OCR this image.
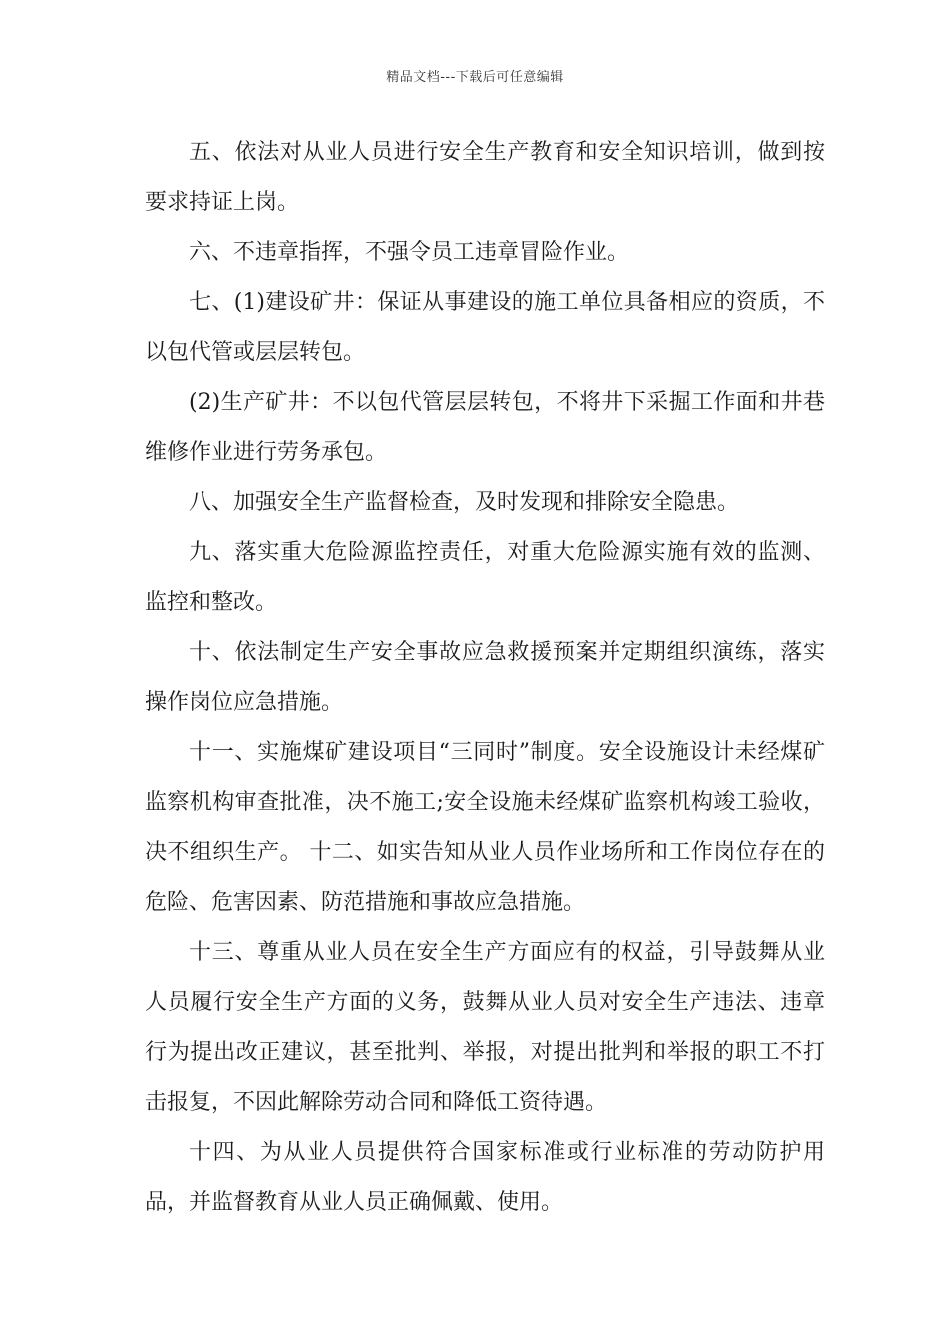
精品文档---下载后可任意编辑

五、依法对从业人员进行安全生产教育和安全知识培训，做到按要求持证上岗。

六、不违章指挥，不强令员工违章冒险作业。

七、(1)建设矿井：保证从事建设的施工单位具备相应的资质，不以包代管或层层转包。

(2)生产矿井：不以包代管层层转包，不将井下采掘工作面和井巷维修作业进行劳务承包。

八、加强安全生产监督检查，及时发现和排除安全隐患。

九、落实重大危险源监控责任，对重大危险源实施有效的监测、监控和整改。

十、依法制定生产安全事故应急救援预案并定期组织演练，落实操作岗位应急措施。

十一、实施煤矿建设项目“三同时”制度。安全设施设计未经煤矿监察机构审查批准，决不施工;安全设施未经煤矿监察机构竣工验收，决不组织生产。 十二、如实告知从业人员作业场所和工作岗位存在的危险、危害因素、防范措施和事故应急措施。

十三、尊重从业人员在安全生产方面应有的权益，引导鼓舞从业人员履行安全生产方面的义务，鼓舞从业人员对安全生产违法、违章行为提出改正建议，甚至批判、举报，对提出批判和举报的职工不打击报复，不因此解除劳动合同和降低工资待遇。

十四、为从业人员提供符合国家标准或行业标准的劳动防护用品，并监督教育从业人员正确佩戴、使用。
